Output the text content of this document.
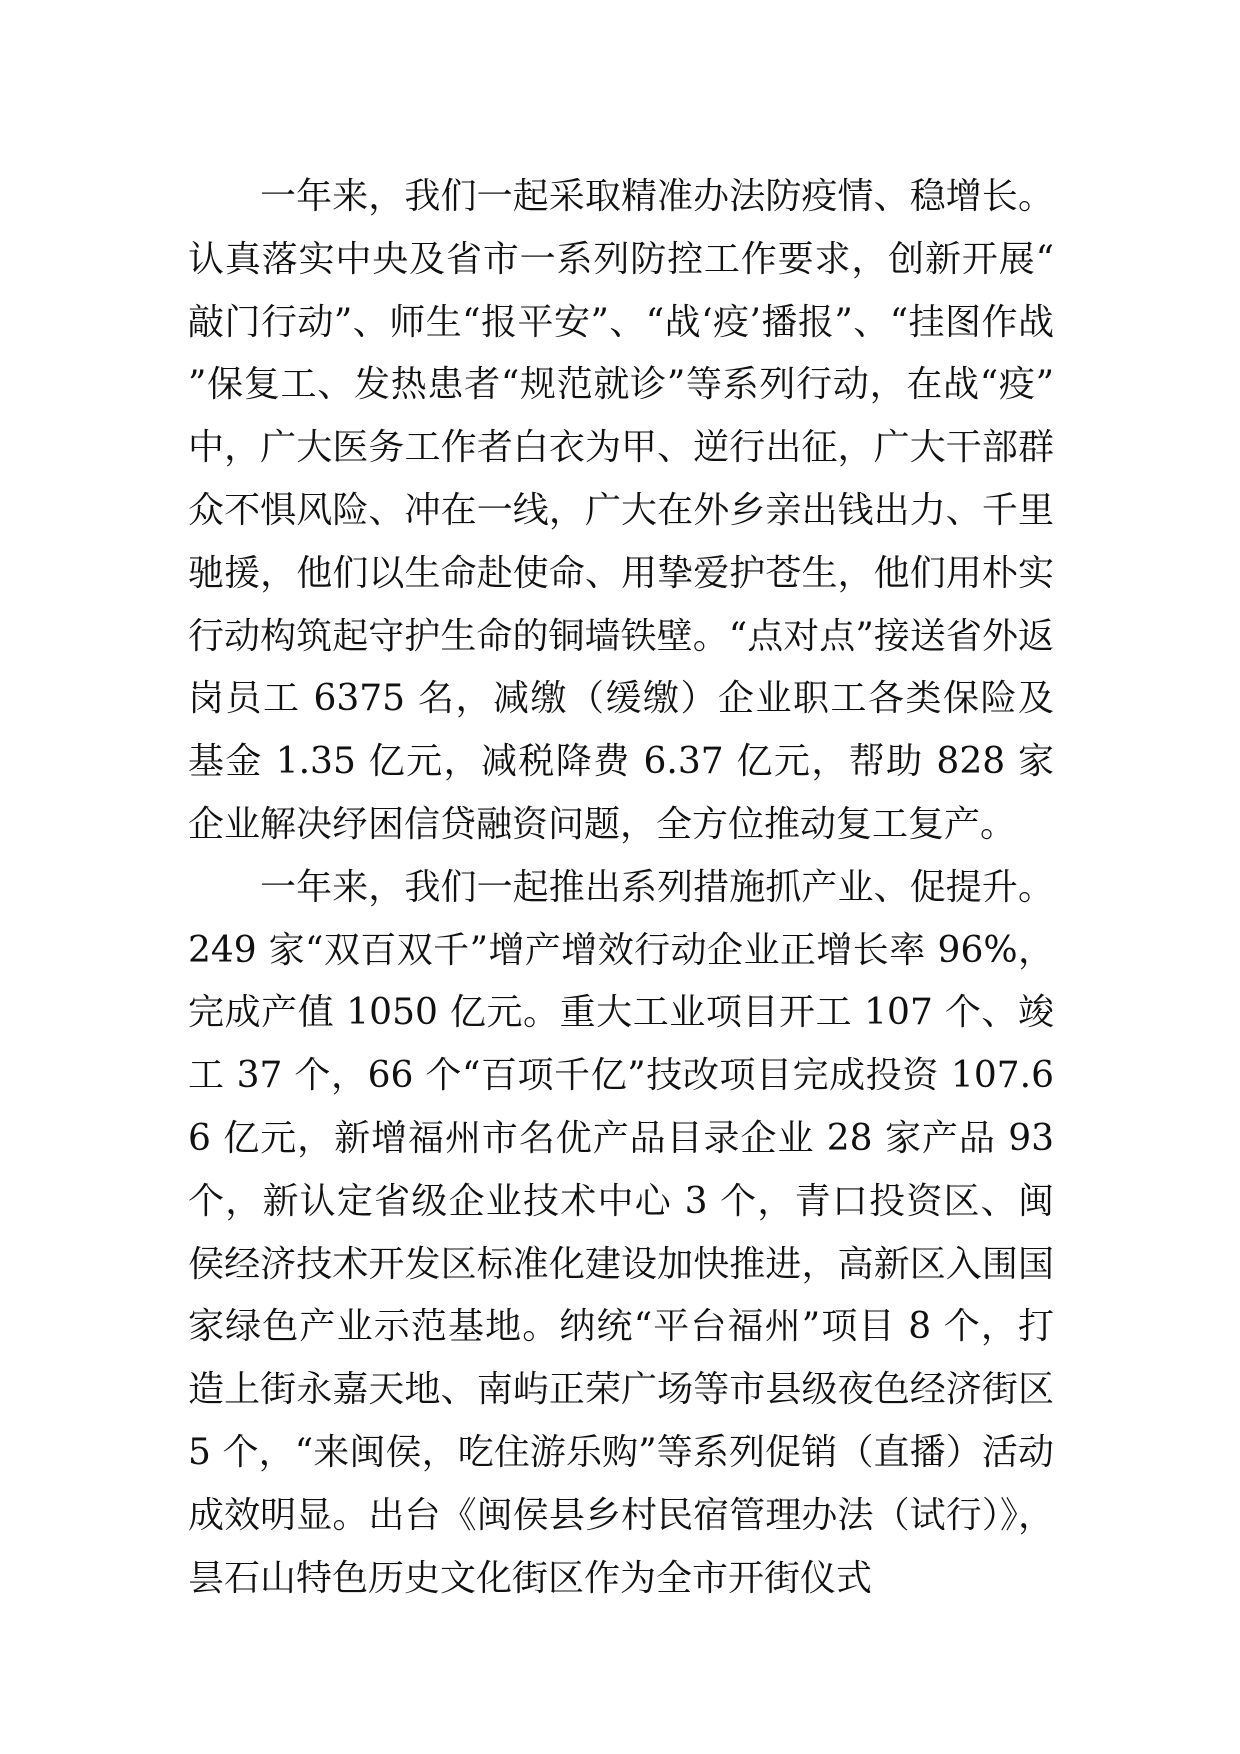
一年来，我们一起采取精准办法防疫情、稳增长。认真落实中央及省市一系列防控工作要求，创新开展“敲门行动”、师生“报平安”、“战‘疫’播报”、“挂图作战”保复工、发热患者“规范就诊”等系列行动，在战“疫”中，广大医务工作者白衣为甲、逆行出征，广大干部群众不惧风险、冲在一线，广大在外乡亲出钱出力、千里驰援，他们以生命赴使命、用挚爱护苍生，他们用朴实行动构筑起守护生命的铜墙铁壁。“点对点”接送省外返岗员工 6375 名，减缴（缓缴）企业职工各类保险及基金 1.35 亿元，减税降费 6.37 亿元，帮助 828 家企业解决纾困信贷融资问题，全方位推动复工复产。

一年来，我们一起推出系列措施抓产业、促提升。249 家“双百双千”增产增效行动企业正增长率 96%，完成产值 1050 亿元。重大工业项目开工 107 个、竣工 37 个，66 个“百项千亿”技改项目完成投资 107.66 亿元，新增福州市名优产品目录企业 28 家产品 93 个，新认定省级企业技术中心 3 个，青口投资区、闽侯经济技术开发区标准化建设加快推进，高新区入围国家绿色产业示范基地。纳统“平台福州”项目 8 个，打造上街永嘉天地、南屿正荣广场等市县级夜色经济街区 5 个，“来闽侯，吃住游乐购”等系列促销（直播）活动成效明显。出台《闽侯县乡村民宿管理办法（试行）》，昙石山特色历史文化街区作为全市开街仪式
